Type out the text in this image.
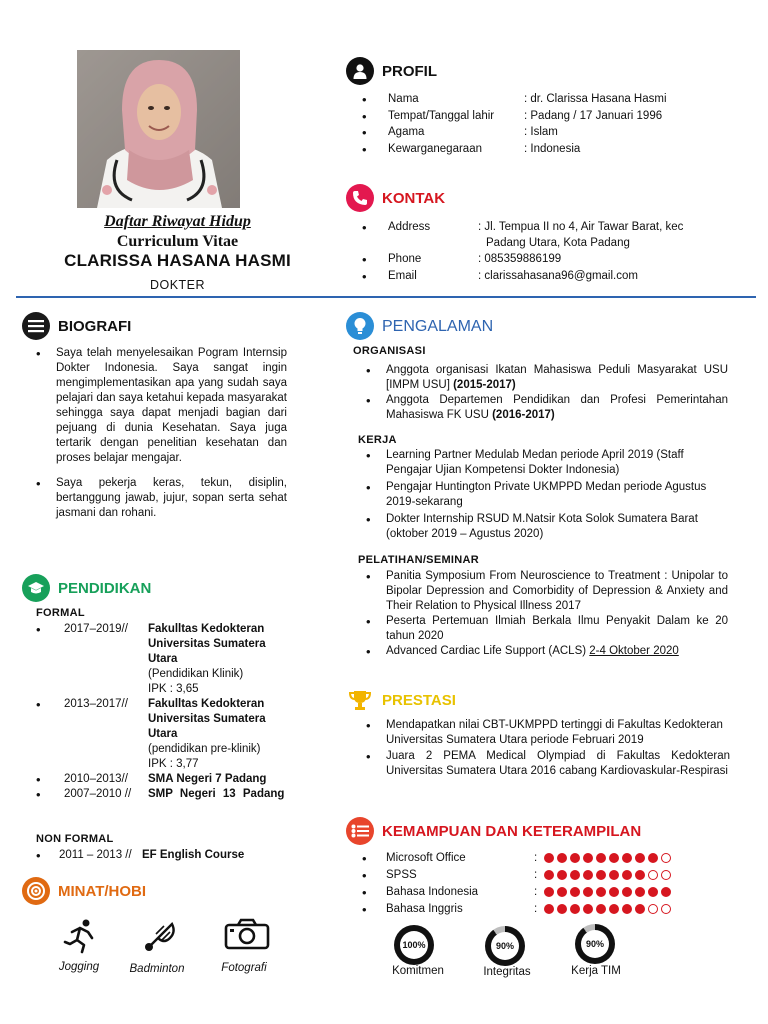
Daftar Riwayat Hidup
Curriculum Vitae
CLARISSA HASANA HASMI
DOKTER
BIOGRAFI
• Saya telah menyelesaikan Pogram Internsip Dokter Indonesia. Saya sangat ingin mengimplementasikan apa yang sudah saya pelajari dan saya ketahui kepada masyarakat sehingga saya dapat menjadi bagian dari pejuang di dunia Kesehatan. Saya juga tertarik dengan penelitian kesehatan dan proses belajar mengajar.
• Saya pekerja keras, tekun, disiplin, bertanggung jawab, jujur, sopan serta sehat jasmani dan rohani.
PENDIDIKAN
FORMAL
• 2017–2019// Fakulltas Kedokteran Universitas Sumatera Utara
(Pendidikan Klinik)
IPK : 3,65
• 2013–2017// Fakulltas Kedokteran Universitas Sumatera Utara
(pendidikan pre-klinik)
IPK : 3,77
• 2010–2013// SMA Negeri 7 Padang
• 2007–2010 // SMP Negeri 13 Padang
NON FORMAL
• 2011 – 2013 // EF English Course
MINAT/HOBI
Jogging	Badminton	Fotografi
PROFIL
• Nama	: dr. Clarissa Hasana Hasmi
• Tempat/Tanggal lahir	: Padang / 17 Januari 1996
• Agama	: Islam
• Kewarganegaraan	: Indonesia
KONTAK
• Address	: Jl. Tempua II no 4, Air Tawar Barat, kec
Padang Utara, Kota Padang
• Phone	: 085359886199
• Email	: clarissahasana96@gmail.com
PENGALAMAN
ORGANISASI
• Anggota organisasi Ikatan Mahasiswa Peduli Masyarakat USU [IMPM USU] (2015-2017)
• Anggota Departemen Pendidikan dan Profesi Pemerintahan Mahasiswa FK USU (2016-2017)
KERJA
• Learning Partner Medulab Medan periode April 2019 (Staff Pengajar Ujian Kompetensi Dokter Indonesia)
• Pengajar Huntington Private UKMPPD Medan periode Agustus 2019-sekarang
• Dokter Internship RSUD M.Natsir Kota Solok Sumatera Barat (oktober 2019 – Agustus 2020)
PELATIHAN/SEMINAR
• Panitia Symposium From Neuroscience to Treatment : Unipolar to Bipolar Depression and Comorbidity of Depression & Anxiety and Their Relation to Physical Illness 2017
• Peserta Pertemuan Ilmiah Berkala Ilmu Penyakit Dalam ke 20 tahun 2020
• Advanced Cardiac Life Support (ACLS) 2-4 Oktober 2020
PRESTASI
• Mendapatkan nilai CBT-UKMPPD tertinggi di Fakultas Kedokteran Universitas Sumatera Utara periode Februari 2019
• Juara 2 PEMA Medical Olympiad di Fakultas Kedokteran Universitas Sumatera Utara 2016 cabang Kardiovaskular-Respirasi
KEMAMPUAN DAN KETERAMPILAN
• Microsoft Office	:
• SPSS	:
• Bahasa Indonesia	:
• Bahasa Inggris	:
100%
Komitmen
90%
Integritas
90%
Kerja TIM
